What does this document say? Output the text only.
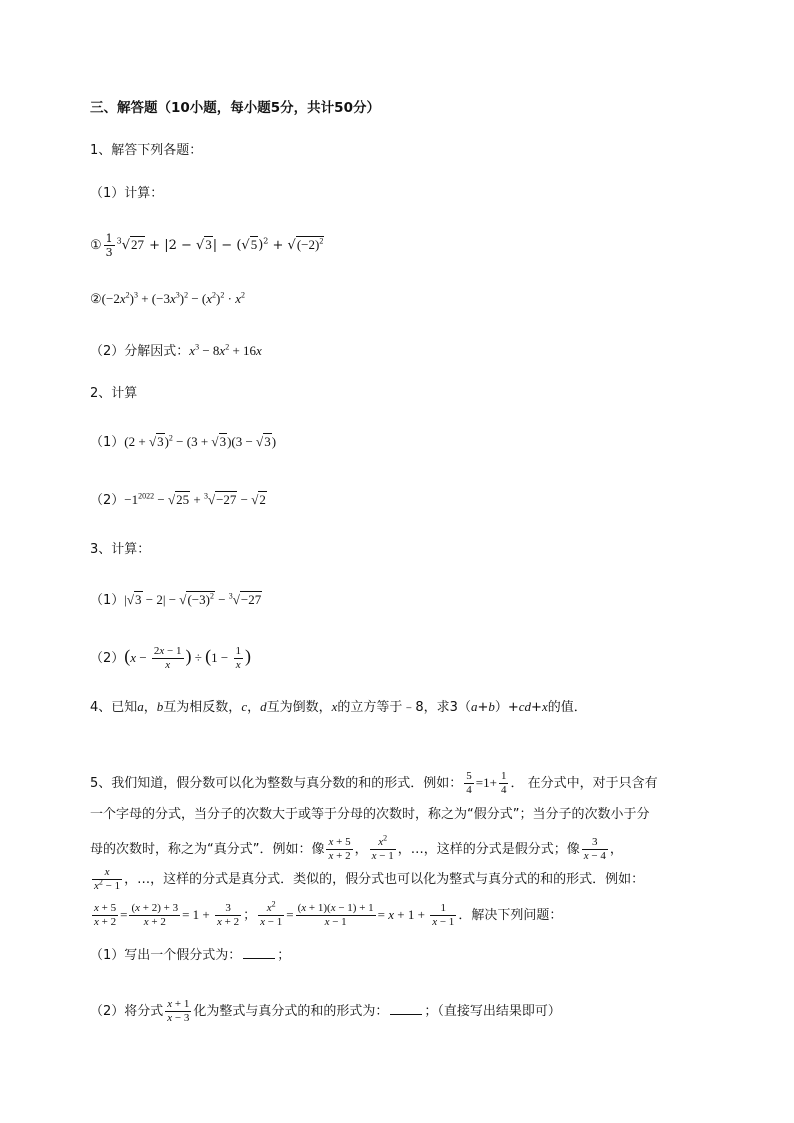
三、解答题（10小题，每小题5分，共计50分）
1、解答下列各题：
（1）计算：
① $\frac{1}{3} ^3√27 + |2 - √3| - (√5)^2 + √(-2)^2$
$②(-2x^2)^3 + (-3x^3)^2 - (x^2)^2 \cdot x^2$
（2）分解因式：$x^3 - 8x^2 + 16x$
2、计算
$(1)(2 + √3)^2 - (3 + √3)(3 - √3)$
$(2)-1^{2022} - √25 + ^3√-27 - √2$
3、计算：
$(1)|√3 - 2| - √(-3)^2 - ^3√-27$
$(2)(x - \frac{2x - 1}{x}$ ) ÷ ($1 - \frac{1}{x}$ )
4、已知a，b互为相反数，c，d互为倒数，x的立方等于﹣8，求3（a+b）+cd+x的值．
5、我们知道，假分数可以化为整数与真分数的和的形式．例如： $\frac{5}{4} =1+ \frac{1}{4}$ ． 在分式中，对于只含有
一个字母的分式，当分子的次数大于或等于分母的次数时，称之为“假分式”；当分子的次数小于分
母的次数时，称之为“真分式”．例如：像 $\frac{x + 5}{x + 2}$ ， $\frac{x^2}{x - 1}$ ，…，这样的分式是假分式；像 $\frac{3}{x - 4}$ ，
$\frac{x}{x^2 - 1}$ ，…，这样的分式是真分式．类似的，假分式也可以化为整式与真分式的和的形式．例如：
$\frac{x + 5}{x + 2} = \frac{(x + 2) + 3}{x + 2} = 1 + \frac{3}{x + 2}$ ； $\frac{x^2}{x - 1} = \frac{(x + 1)(x - 1) + 1}{x - 1} = x + 1 + \frac{1}{x - 1}$ ．解决下列问题：
（1）写出一个假分式为：	；
（2）将分式 $\frac{x + 1}{x - 3}$ 化为整式与真分式的和的形式为：	；（直接写出结果即可）
